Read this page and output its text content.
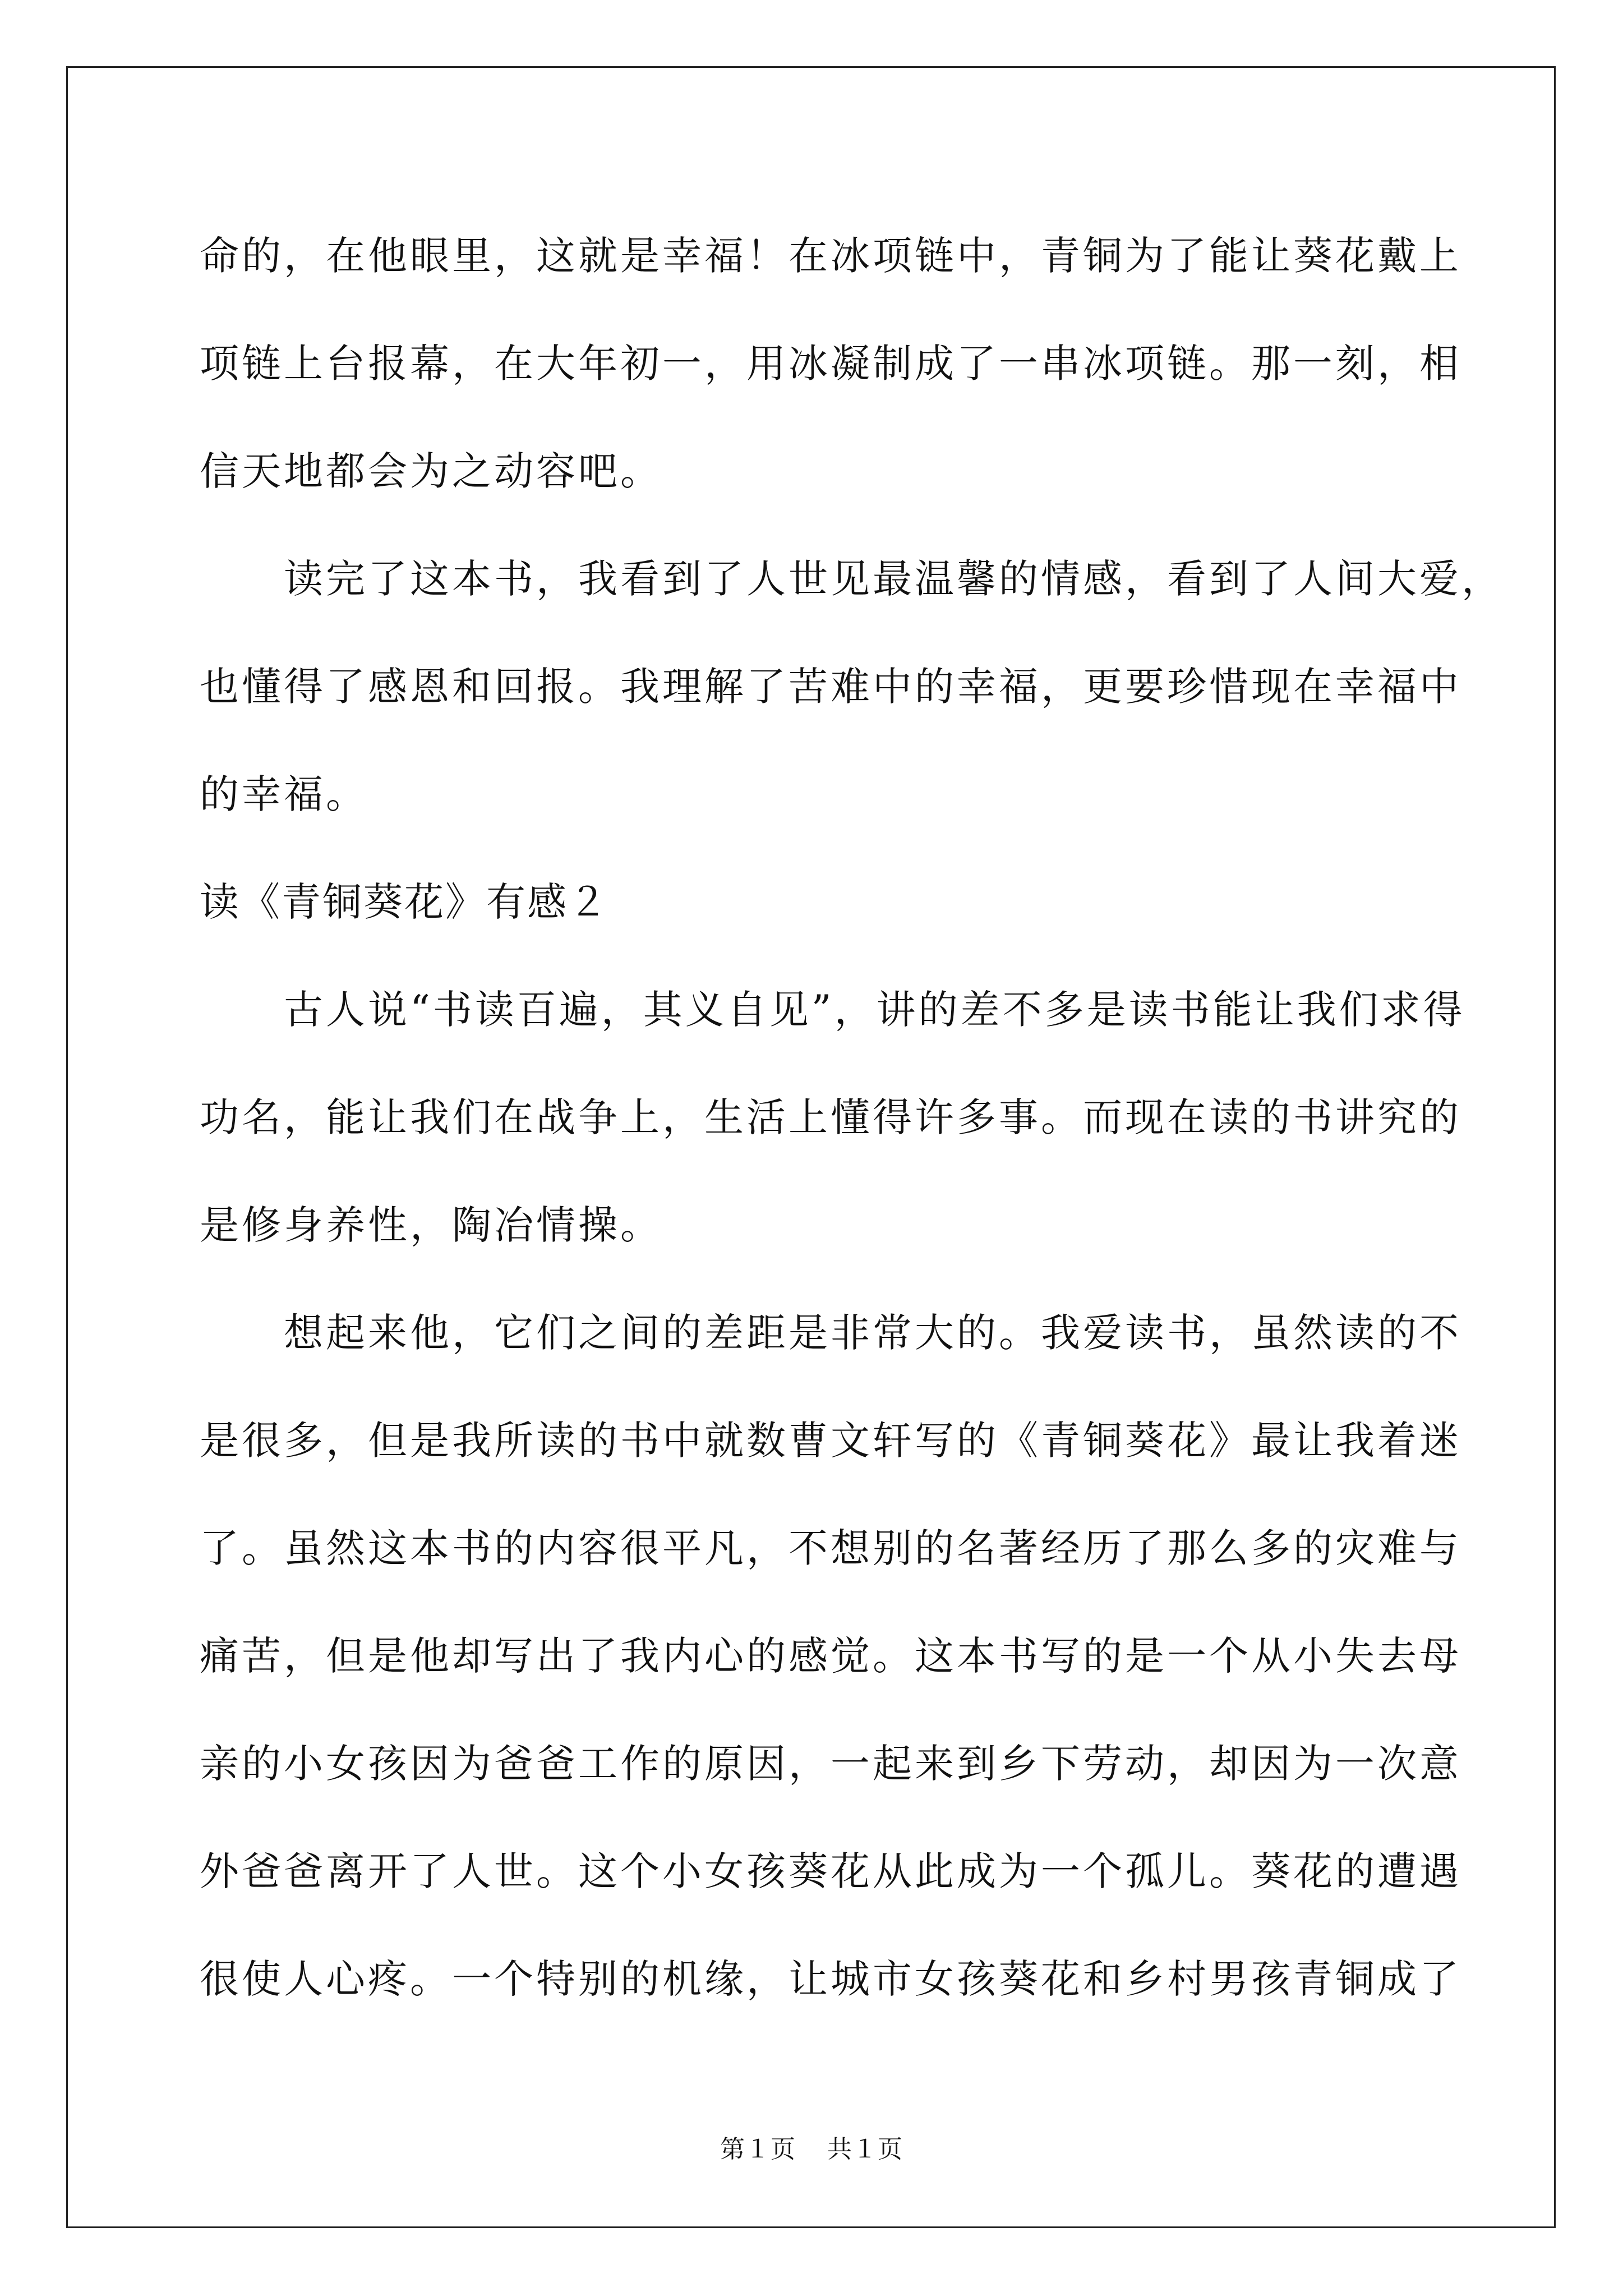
命的，在他眼里，这就是幸福！在冰项链中，青铜为了能让葵花戴上
项链上台报幕，在大年初一，用冰凝制成了一串冰项链。那一刻，相
信天地都会为之动容吧。
　　读完了这本书，我看到了人世见最温馨的情感，看到了人间大爱，
也懂得了感恩和回报。我理解了苦难中的幸福，更要珍惜现在幸福中
的幸福。
读《青铜葵花》有感２
　　古人说“书读百遍，其义自见”，讲的差不多是读书能让我们求得
功名，能让我们在战争上，生活上懂得许多事。而现在读的书讲究的
是修身养性，陶冶情操。
　　想起来他，它们之间的差距是非常大的。我爱读书，虽然读的不
是很多，但是我所读的书中就数曹文轩写的《青铜葵花》最让我着迷
了。虽然这本书的内容很平凡，不想别的名著经历了那么多的灾难与
痛苦，但是他却写出了我内心的感觉。这本书写的是一个从小失去母
亲的小女孩因为爸爸工作的原因，一起来到乡下劳动，却因为一次意
外爸爸离开了人世。这个小女孩葵花从此成为一个孤儿。葵花的遭遇
很使人心疼。一个特别的机缘，让城市女孩葵花和乡村男孩青铜成了
第１页 共１页
